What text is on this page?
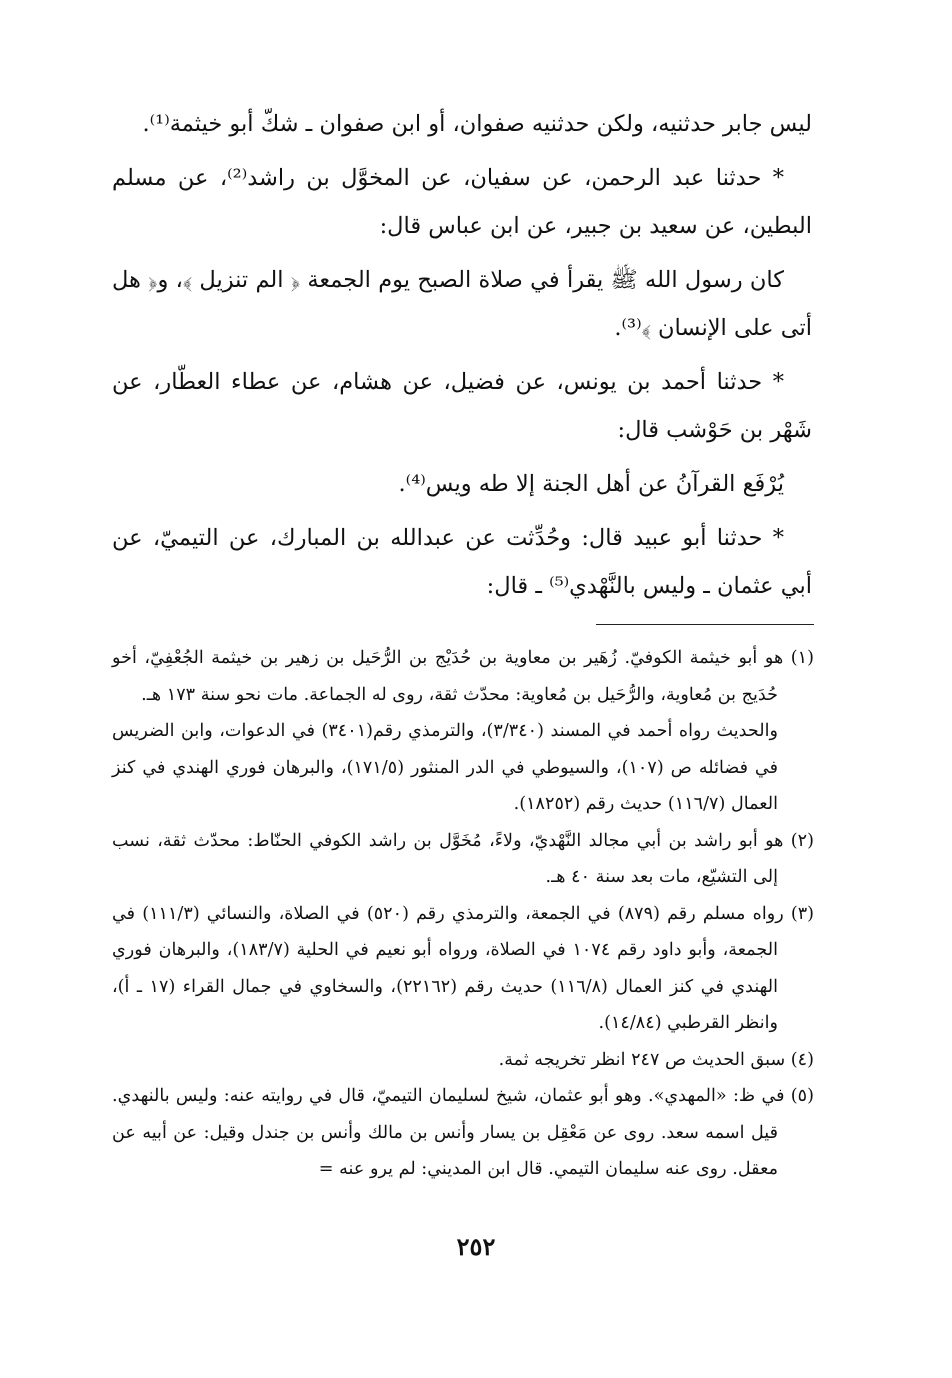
ليس جابر حدثنيه، ولكن حدثنيه صفوان، أو ابن صفوان ـ شكّ أبو خيثمة⁽¹⁾.

* حدثنا عبد الرحمن، عن سفيان، عن المخوَّل بن راشد⁽²⁾، عن مسلم البطين، عن سعيد بن جبير، عن ابن عباس قال:

كان رسول الله ﷺ يقرأ في صلاة الصبح يوم الجمعة ﴿ الم تنزيل ﴾، و﴿ هل أتى على الإنسان ﴾⁽³⁾.

* حدثنا أحمد بن يونس، عن فضيل، عن هشام، عن عطاء العطّار، عن شَهْر بن حَوْشب قال:

يُرْفَع القرآنُ عن أهل الجنة إلا طه ويس⁽⁴⁾.

* حدثنا أبو عبيد قال: وحُدِّثت عن عبدالله بن المبارك، عن التيميّ، عن أبي عثمان ـ وليس بالنَّهْدي⁽⁵⁾ ـ قال:

(١) هو أبو خيثمة الكوفيّ. زُهَير بن معاوية بن حُدَيْج بن الرُّحَيل بن زهير بن خيثمة الجُعْفِيّ، أخو حُدَيج بن مُعاوية، والرُّحَيل بن مُعاوية: محدّث ثقة، روى له الجماعة. مات نحو سنة ١٧٣ هـ.

والحديث رواه أحمد في المسند (٣/٣٤٠)، والترمذي رقم(٣٤٠١) في الدعوات، وابن الضريس في فضائله ص (١٠٧)، والسيوطي في الدر المنثور (١٧١/٥)، والبرهان فوري الهندي في كنز العمال (١١٦/٧) حديث رقم (١٨٢٥٢).

(٢) هو أبو راشد بن أبي مجالد النَّهْديّ، ولاءً، مُخَوَّل بن راشد الكوفي الحنّاط: محدّث ثقة، نسب إلى التشيّع، مات بعد سنة ٤٠ هـ.

(٣) رواه مسلم رقم (٨٧٩) في الجمعة، والترمذي رقم (٥٢٠) في الصلاة، والنسائي (١١١/٣) في الجمعة، وأبو داود رقم ١٠٧٤ في الصلاة، ورواه أبو نعيم في الحلية (١٨٣/٧)، والبرهان فوري الهندي في كنز العمال (١١٦/٨) حديث رقم (٢٢١٦٢)، والسخاوي في جمال القراء (١٧ ـ أ)، وانظر القرطبي (١٤/٨٤).

(٤) سبق الحديث ص ٢٤٧ انظر تخريجه ثمة.

(٥) في ظ: «المهدي». وهو أبو عثمان، شيخ لسليمان التيميّ، قال في روايته عنه: وليس بالنهدي. قيل اسمه سعد. روى عن مَعْقِل بن يسار وأنس بن مالك وأنس بن جندل وقيل: عن أبيه عن معقل. روى عنه سليمان التيمي. قال ابن المديني: لم يرو عنه =

٢٥٢
